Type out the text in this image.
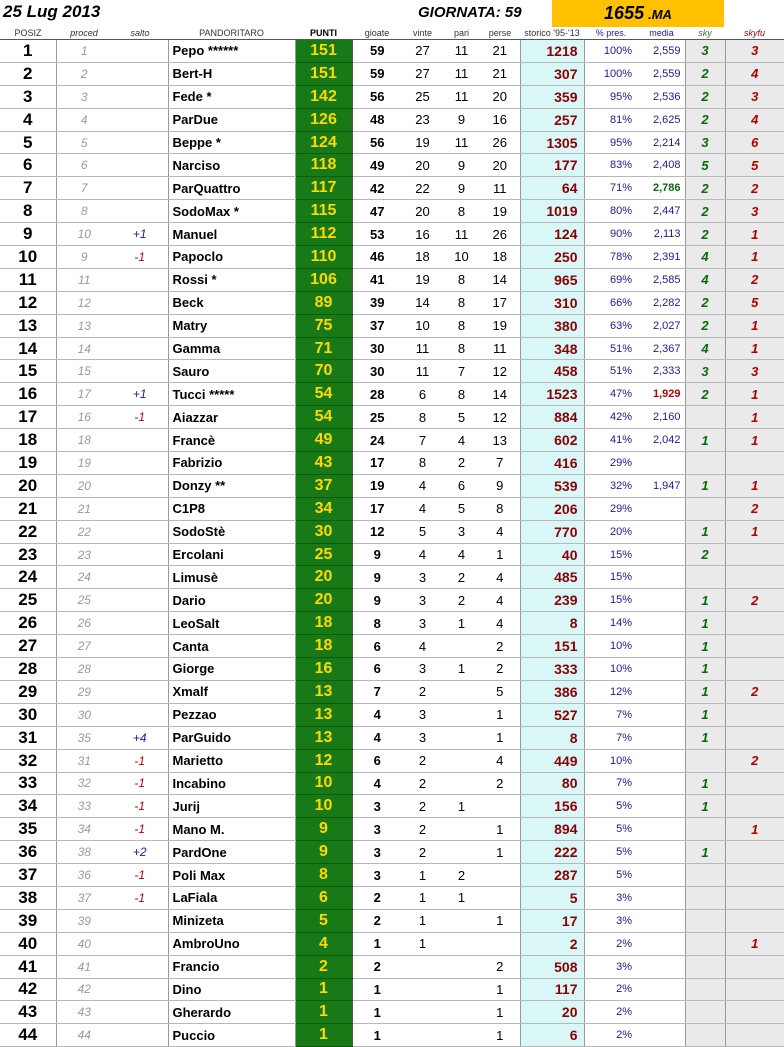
25 Lug 2013	GIORNATA: 59	1655 .MA
POSIZ	proced	salto	PANDORITARO	PUNTI	gioate	vinte	pari	perse	storico '95-'13	% pres.	media	sky	skyfu
1	1		Pepo ******	151	59	27	11	21	1218	100%	2,559	3	3
2	2		Bert-H	151	59	27	11	21	307	100%	2,559	2	4
3	3		Fede *	142	56	25	11	20	359	95%	2,536	2	3
4	4		ParDue	126	48	23	9	16	257	81%	2,625	2	4
5	5		Beppe *	124	56	19	11	26	1305	95%	2,214	3	6
6	6		Narciso	118	49	20	9	20	177	83%	2,408	5	5
7	7		ParQuattro	117	42	22	9	11	64	71%	2,786	2	2
8	8		SodoMax *	115	47	20	8	19	1019	80%	2,447	2	3
9	10	+1	Manuel	112	53	16	11	26	124	90%	2,113	2	1
10	9	-1	Papoclo	110	46	18	10	18	250	78%	2,391	4	1
11	11		Rossi *	106	41	19	8	14	965	69%	2,585	4	2
12	12		Beck	89	39	14	8	17	310	66%	2,282	2	5
13	13		Matry	75	37	10	8	19	380	63%	2,027	2	1
14	14		Gamma	71	30	11	8	11	348	51%	2,367	4	1
15	15		Sauro	70	30	11	7	12	458	51%	2,333	3	3
16	17	+1	Tucci *****	54	28	6	8	14	1523	47%	1,929	2	1
17	16	-1	Aiazzar	54	25	8	5	12	884	42%	2,160		1
18	18		Francè	49	24	7	4	13	602	41%	2,042	1	1
19	19		Fabrizio	43	17	8	2	7	416	29%			
20	20		Donzy **	37	19	4	6	9	539	32%	1,947	1	1
21	21		C1P8	34	17	4	5	8	206	29%			2
22	22		SodoStè	30	12	5	3	4	770	20%		1	1
23	23		Ercolani	25	9	4	4	1	40	15%		2	
24	24		Limusè	20	9	3	2	4	485	15%			
25	25		Dario	20	9	3	2	4	239	15%		1	2
26	26		LeoSalt	18	8	3	1	4	8	14%		1	
27	27		Canta	18	6	4		2	151	10%		1	
28	28		Giorge	16	6	3	1	2	333	10%		1	
29	29		Xmalf	13	7	2		5	386	12%		1	2
30	30		Pezzao	13	4	3		1	527	7%		1	
31	35	+4	ParGuido	13	4	3		1	8	7%		1	
32	31	-1	Marietto	12	6	2		4	449	10%			2
33	32	-1	Incabino	10	4	2		2	80	7%		1	
34	33	-1	Jurij	10	3	2	1		156	5%		1	
35	34	-1	Mano M.	9	3	2		1	894	5%			1
36	38	+2	PardOne	9	3	2		1	222	5%		1	
37	36	-1	Poli Max	8	3	1	2		287	5%			
38	37	-1	LaFiala	6	2	1	1		5	3%			
39	39		Minizeta	5	2	1		1	17	3%			
40	40		AmbroUno	4	1	1			2	2%			1
41	41		Francio	2	2			2	508	3%			
42	42		Dino	1	1			1	117	2%			
43	43		Gherardo	1	1			1	20	2%			
44	44		Puccio	1	1			1	6	2%			
